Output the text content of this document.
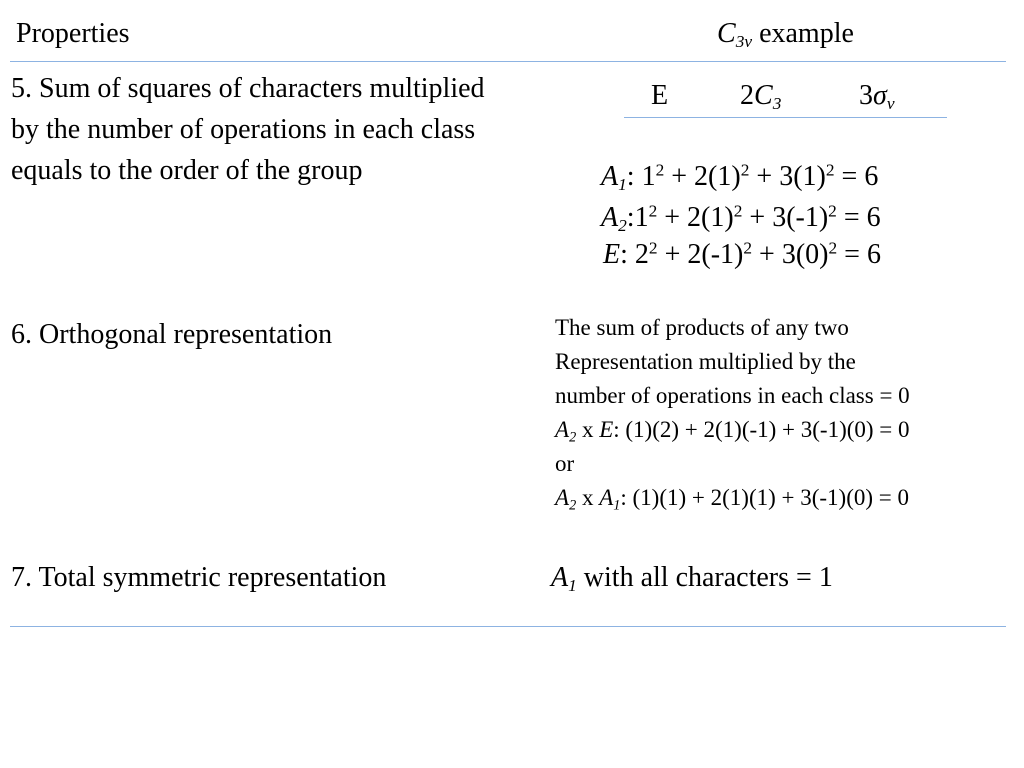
Properties	$C_{3v}$ example
5. Sum of squares of characters multiplied
by the number of operations in each class
equals to the order of the group
E	$2C_3$	$3\sigma_v$
$A_1$: $1^2 + 2(1)^2 + 3(1)^2 = 6$
$A_2:1^2 + 2(1)^2 + 3(-1)^2 = 6$
E: $2^2 + 2(-1)^2 + 3(0)^2 = 6$
6. Orthogonal representation	The sum of products of any two
Representation multiplied by the
number of operations in each class = 0
$A_2$ x E: (1)(2) + 2(1)(-1) + 3(-1)(0) = 0
or
$A_2$ x $A_1$: (1)(1) + 2(1)(1) + 3(-1)(0) = 0
7. Total symmetric representation	$A_1$ with all characters = 1
